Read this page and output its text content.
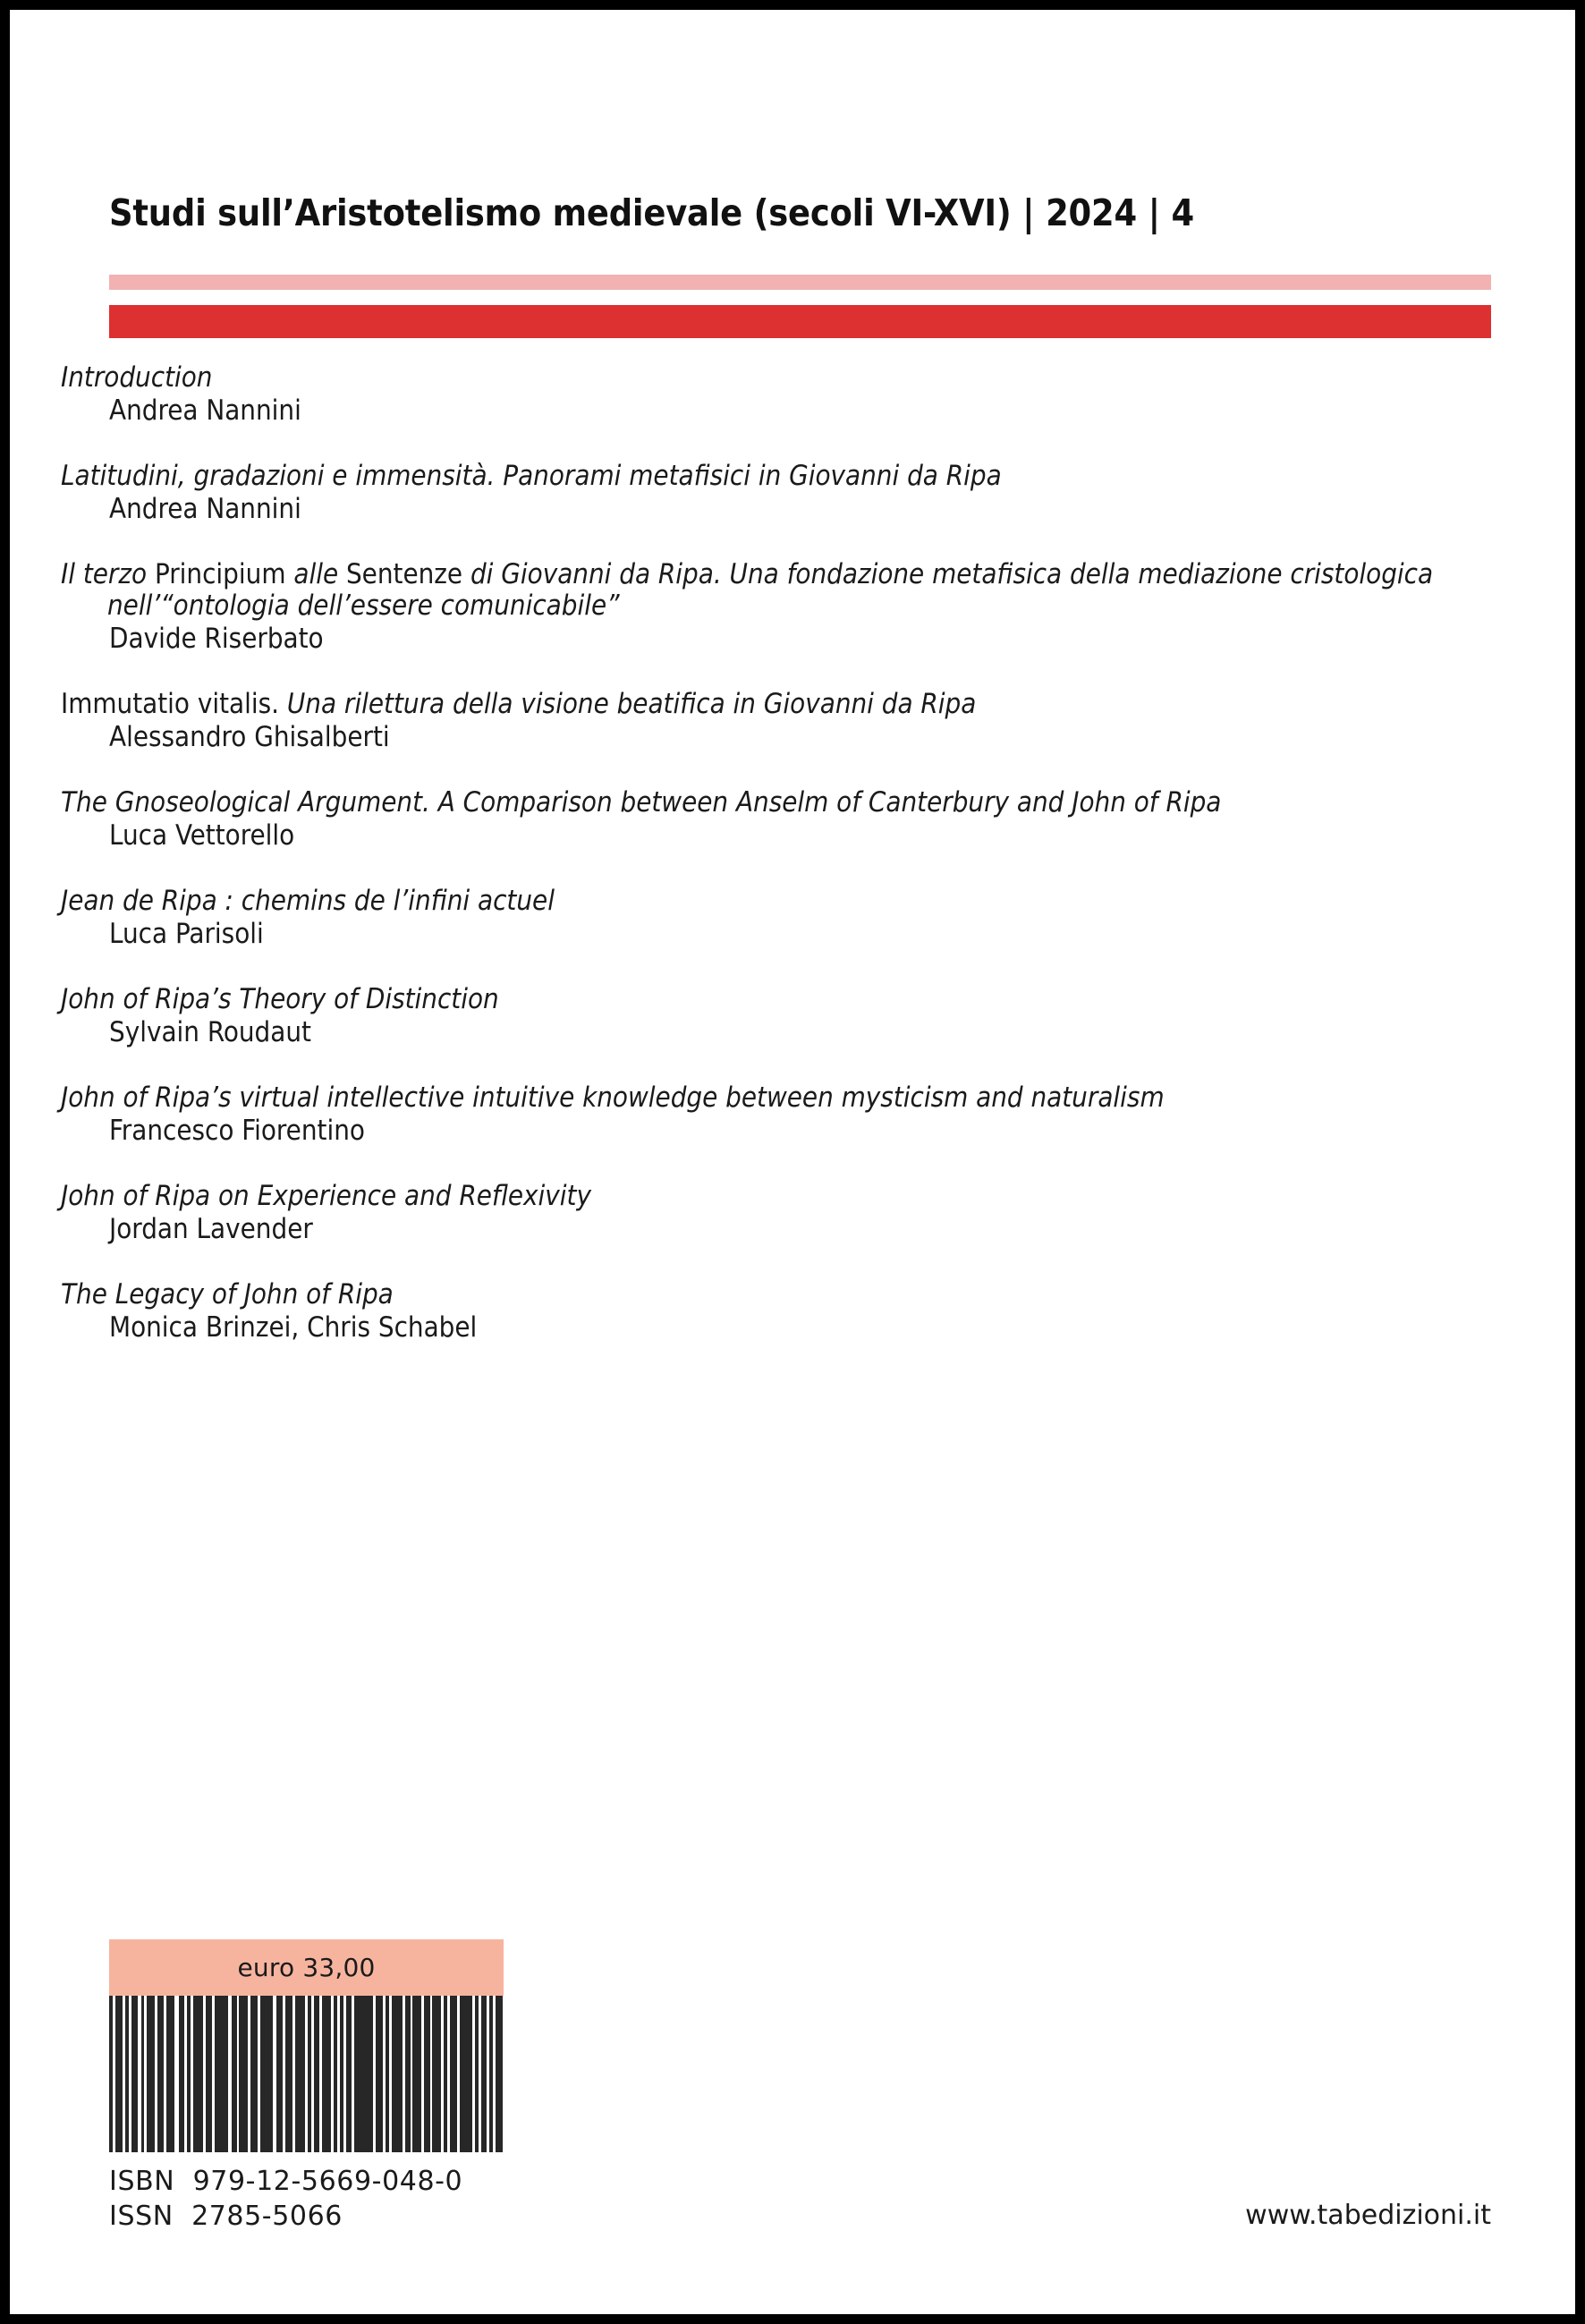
Studi sull’Aristotelismo medievale (secoli VI-XVI) | 2024 | 4
Introduction
Andrea Nannini
Latitudini, gradazioni e immensità. Panorami metafisici in Giovanni da Ripa
Andrea Nannini
Il terzo Principium alle Sentenze di Giovanni da Ripa. Una fondazione metafisica della mediazione cristologica nell’“ontologia dell’essere comunicabile”
Davide Riserbato
Immutatio vitalis. Una rilettura della visione beatifica in Giovanni da Ripa
Alessandro Ghisalberti
The Gnoseological Argument. A Comparison between Anselm of Canterbury and John of Ripa
Luca Vettorello
Jean de Ripa : chemins de l’infini actuel
Luca Parisoli
John of Ripa’s Theory of Distinction
Sylvain Roudaut
John of Ripa’s virtual intellective intuitive knowledge between mysticism and naturalism
Francesco Fiorentino
John of Ripa on Experience and Reflexivity
Jordan Lavender
The Legacy of John of Ripa
Monica Brinzei, Chris Schabel
euro 33,00
ISBN 979-12-5669-048-0
ISSN 2785-5066	www.tabedizioni.it
